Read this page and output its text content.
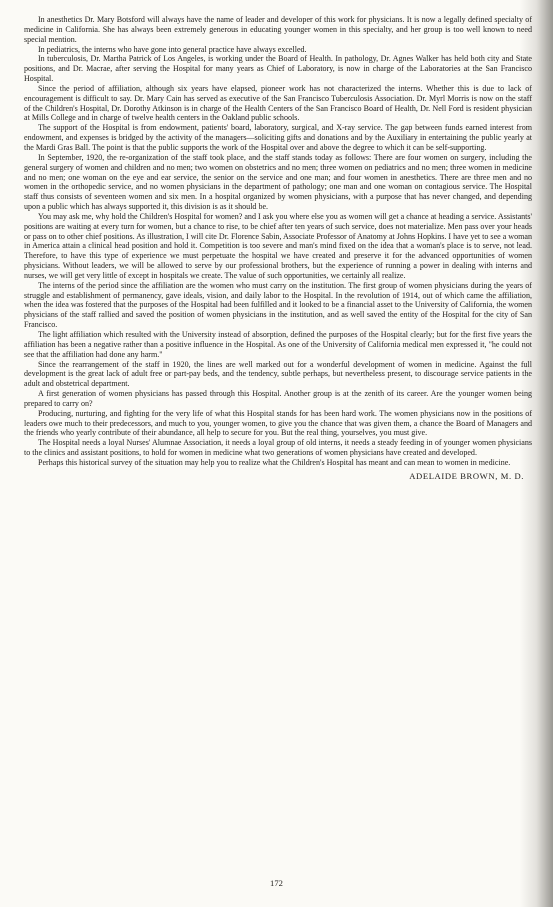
In anesthetics Dr. Mary Botsford will always have the name of leader and developer of this work for physicians. It is now a legally defined specialty of medicine in California. She has always been extremely generous in educating younger women in this specialty, and her group is too well known to need special mention.

In pediatrics, the interns who have gone into general practice have always excelled.

In tuberculosis, Dr. Martha Patrick of Los Angeles, is working under the Board of Health. In pathology, Dr. Agnes Walker has held both city and State positions, and Dr. Macrae, after serving the Hospital for many years as Chief of Laboratory, is now in charge of the Laboratories at the San Francisco Hospital.

Since the period of affiliation, although six years have elapsed, pioneer work has not characterized the interns. Whether this is due to lack of encouragement is difficult to say. Dr. Mary Cain has served as executive of the San Francisco Tuberculosis Association. Dr. Myrl Morris is now on the staff of the Children's Hospital, Dr. Dorothy Atkinson is in charge of the Health Centers of the San Francisco Board of Health, Dr. Nell Ford is resident physician at Mills College and in charge of twelve health centers in the Oakland public schools.

The support of the Hospital is from endowment, patients' board, laboratory, surgical, and X-ray service. The gap between funds earned interest from endowment, and expenses is bridged by the activity of the managers—soliciting gifts and donations and by the Auxiliary in entertaining the public yearly at the Mardi Gras Ball. The point is that the public supports the work of the Hospital over and above the degree to which it can be self-supporting.

In September, 1920, the re-organization of the staff took place, and the staff stands today as follows: There are four women on surgery, including the general surgery of women and children and no men; two women on obstetrics and no men; three women on pediatrics and no men; three women in medicine and no men; one woman on the eye and ear service, the senior on the service and one man; and four women in anesthetics. There are three men and no women in the orthopedic service, and no women physicians in the department of pathology; one man and one woman on contagious service. The Hospital staff thus consists of seventeen women and six men. In a hospital organized by women physicians, with a purpose that has never changed, and depending upon a public which has always supported it, this division is as it should be.

You may ask me, why hold the Children's Hospital for women? and I ask you where else you as women will get a chance at heading a service. Assistants' positions are waiting at every turn for women, but a chance to rise, to be chief after ten years of such service, does not materialize. Men pass over your heads or pass on to other chief positions. As illustration, I will cite Dr. Florence Sabin, Associate Professor of Anatomy at Johns Hopkins. I have yet to see a woman in America attain a clinical head position and hold it. Competition is too severe and man's mind fixed on the idea that a woman's place is to serve, not lead. Therefore, to have this type of experience we must perpetuate the hospital we have created and preserve it for the advanced opportunities of women physicians. Without leaders, we will be allowed to serve by our professional brothers, but the experience of running a power in dealing with interns and nurses, we will get very little of except in hospitals we create. The value of such opportunities, we certainly all realize.

The interns of the period since the affiliation are the women who must carry on the institution. The first group of women physicians during the years of struggle and establishment of permanency, gave ideals, vision, and daily labor to the Hospital. In the revolution of 1914, out of which came the affiliation, when the idea was fostered that the purposes of the Hospital had been fulfilled and it looked to be a financial asset to the University of California, the women physicians of the staff rallied and saved the position of women physicians in the institution, and as well saved the entity of the Hospital for the city of San Francisco.

The light affiliation which resulted with the University instead of absorption, defined the purposes of the Hospital clearly; but for the first five years the affiliation has been a negative rather than a positive influence in the Hospital. As one of the University of California medical men expressed it, "he could not see that the affiliation had done any harm."

Since the rearrangement of the staff in 1920, the lines are well marked out for a wonderful development of women in medicine. Against the full development is the great lack of adult free or part-pay beds, and the tendency, subtle perhaps, but nevertheless present, to discourage service patients in the adult and obstetrical department.

A first generation of women physicians has passed through this Hospital. Another group is at the zenith of its career. Are the younger women being prepared to carry on?

Producing, nurturing, and fighting for the very life of what this Hospital stands for has been hard work. The women physicians now in the positions of leaders owe much to their predecessors, and much to you, younger women, to give you the chance that was given them, a chance the Board of Managers and the friends who yearly contribute of their abundance, all help to secure for you. But the real thing, yourselves, you must give.

The Hospital needs a loyal Nurses' Alumnae Association, it needs a loyal group of old interns, it needs a steady feeding in of younger women physicians to the clinics and assistant positions, to hold for women in medicine what two generations of women physicians have created and developed.

Perhaps this historical survey of the situation may help you to realize what the Children's Hospital has meant and can mean to women in medicine.

ADELAIDE BROWN, M. D.

172
